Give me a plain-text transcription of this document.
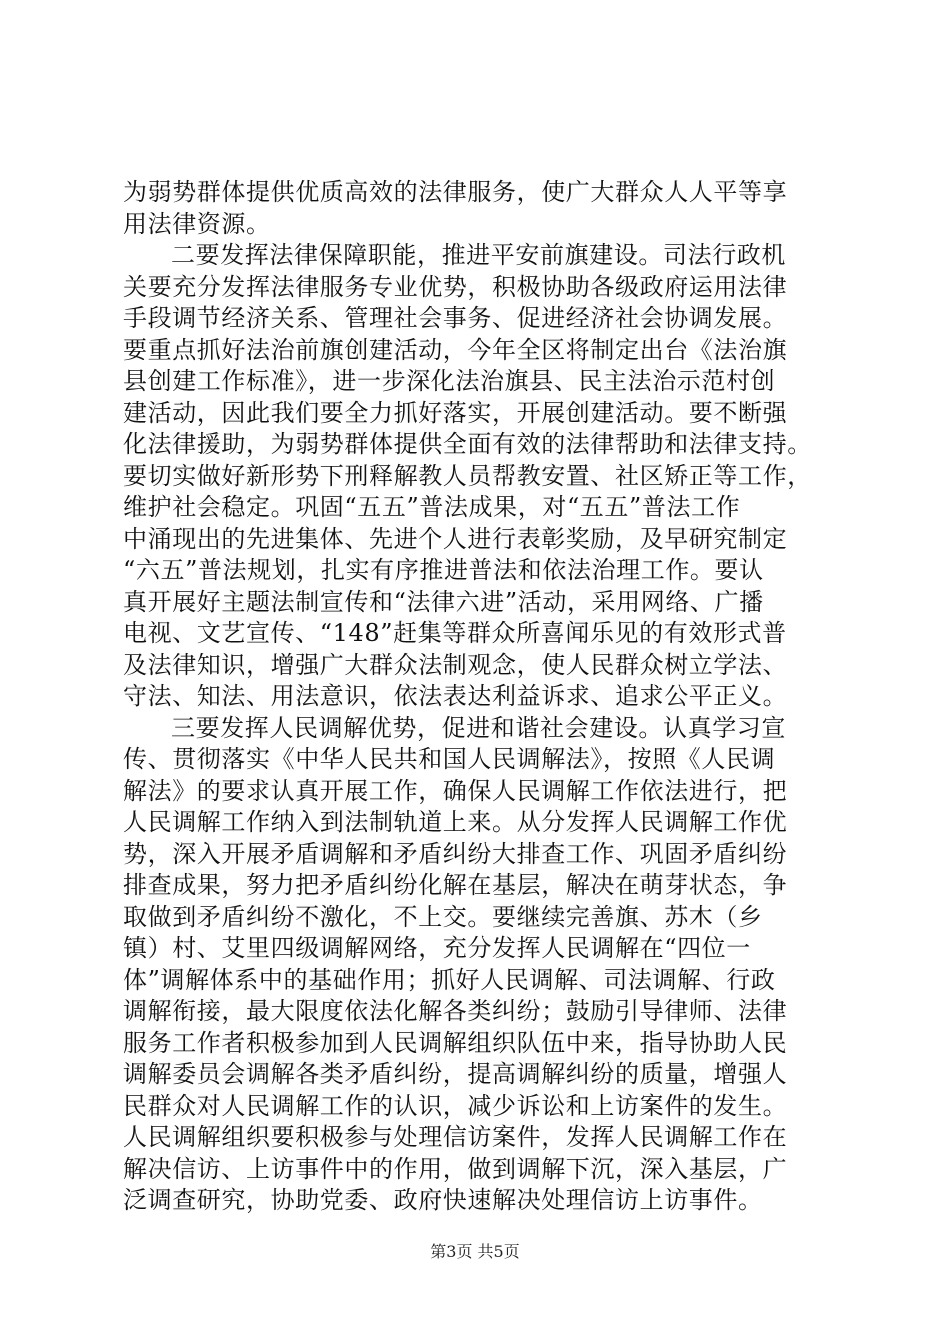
为弱势群体提供优质高效的法律服务，使广大群众人人平等享
用法律资源。
二要发挥法律保障职能，推进平安前旗建设。司法行政机
关要充分发挥法律服务专业优势，积极协助各级政府运用法律
手段调节经济关系、管理社会事务、促进经济社会协调发展。
要重点抓好法治前旗创建活动，今年全区将制定出台《法治旗
县创建工作标准》，进一步深化法治旗县、民主法治示范村创
建活动，因此我们要全力抓好落实，开展创建活动。要不断强
化法律援助，为弱势群体提供全面有效的法律帮助和法律支持。
要切实做好新形势下刑释解教人员帮教安置、社区矫正等工作，
维护社会稳定。巩固“五五”普法成果，对“五五”普法工作
中涌现出的先进集体、先进个人进行表彰奖励，及早研究制定
“六五”普法规划，扎实有序推进普法和依法治理工作。要认
真开展好主题法制宣传和“法律六进”活动，采用网络、广播
电视、文艺宣传、“148”赶集等群众所喜闻乐见的有效形式普
及法律知识，增强广大群众法制观念，使人民群众树立学法、
守法、知法、用法意识，依法表达利益诉求、追求公平正义。
三要发挥人民调解优势，促进和谐社会建设。认真学习宣
传、贯彻落实《中华人民共和国人民调解法》，按照《人民调
解法》的要求认真开展工作，确保人民调解工作依法进行，把
人民调解工作纳入到法制轨道上来。从分发挥人民调解工作优
势，深入开展矛盾调解和矛盾纠纷大排查工作、巩固矛盾纠纷
排查成果，努力把矛盾纠纷化解在基层，解决在萌芽状态，争
取做到矛盾纠纷不激化，不上交。要继续完善旗、苏木（乡
镇）村、艾里四级调解网络，充分发挥人民调解在“四位一
体”调解体系中的基础作用；抓好人民调解、司法调解、行政
调解衔接，最大限度依法化解各类纠纷；鼓励引导律师、法律
服务工作者积极参加到人民调解组织队伍中来，指导协助人民
调解委员会调解各类矛盾纠纷，提高调解纠纷的质量，增强人
民群众对人民调解工作的认识，减少诉讼和上访案件的发生。
人民调解组织要积极参与处理信访案件，发挥人民调解工作在
解决信访、上访事件中的作用，做到调解下沉，深入基层，广
泛调查研究，协助党委、政府快速解决处理信访上访事件。
第3页 共5页
